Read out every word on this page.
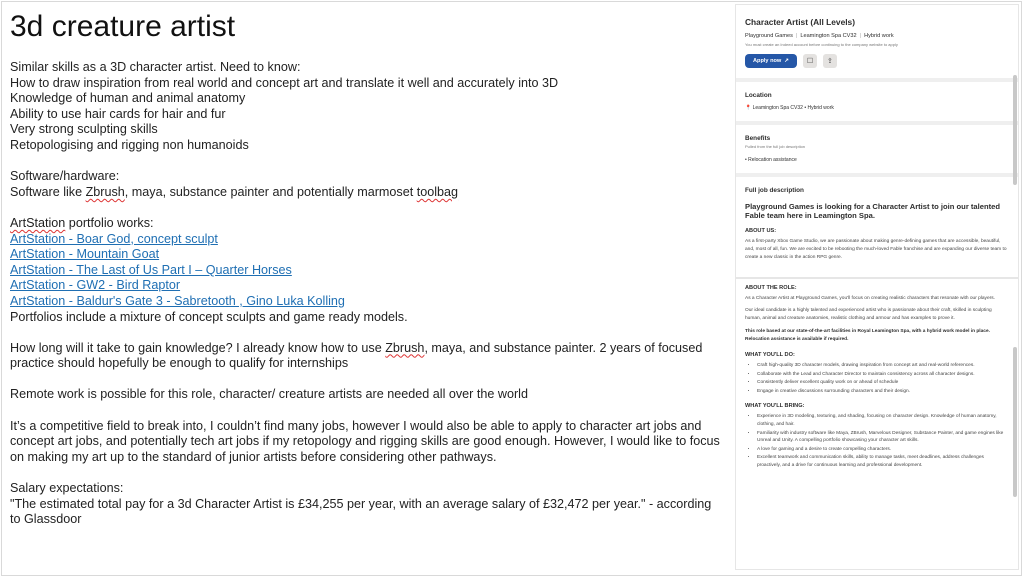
3d creature artist
Similar skills as a 3D character artist. Need to know:
How to draw inspiration from real world and concept art and translate it well and accurately into 3D
Knowledge of human and animal anatomy
Ability to use hair cards for hair and fur
Very strong sculpting skills
Retopologising and rigging non humanoids
Software/hardware:
Software like Zbrush, maya, substance painter and potentially marmoset toolbag
ArtStation portfolio works:
ArtStation - Boar God, concept sculpt
ArtStation - Mountain Goat
ArtStation - The Last of Us Part I – Quarter Horses
ArtStation - GW2 - Bird Raptor
ArtStation - Baldur's Gate 3 - Sabretooth , Gino Luka Kolling
Portfolios include a mixture of concept sculpts and game ready models.
How long will it take to gain knowledge? I already know how to use Zbrush, maya, and substance painter. 2 years of focused practice should hopefully be enough to qualify for internships
Remote work is possible for this role, character/ creature artists are needed all over the world
It’s a competitive field to break into, I couldn’t find many jobs, however I would also be able to apply to character art jobs and concept art jobs, and potentially tech art jobs if my retopology and rigging skills are good enough. However, I would like to focus on making my art up to the standard of junior artists before considering other pathways.
Salary expectations:
"The estimated total pay for a 3d Character Artist is £34,255 per year, with an average salary of £32,472 per year." - according to Glassdoor
Character Artist (All Levels)
Playground Games | Leamington Spa CV32 | Hybrid work
You must create an Indeed account before continuing to the company website to apply
Apply now ↗	☐ ⇪
Location
📍 Leamington Spa CV32 • Hybrid work
Benefits
Pulled from the full job description
• Relocation assistance
Full job description
Playground Games is looking for a Character Artist to join our talented Fable team here in Leamington Spa.
ABOUT US:
As a first-party Xbox Game Studio, we are passionate about making genre-defining games that are accessible, beautiful, and, most of all, fun. We are excited to be rebooting the much-loved Fable franchise and are expanding our diverse team to create a new classic in the action RPG genre.
ABOUT THE ROLE:
As a Character Artist at Playground Games, you'll focus on creating realistic characters that resonate with our players.
Our ideal candidate is a highly talented and experienced artist who is passionate about their craft, skilled in sculpting human, animal and creature anatomies, realistic clothing and armour and has examples to prove it.
This role based at our state-of-the-art facilities in Royal Leamington Spa, with a hybrid work model in place. Relocation assistance is available if required.
WHAT YOU'LL DO:
• Craft high-quality 3D character models, drawing inspiration from concept art and real-world references.
• Collaborate with the Lead and Character Director to maintain consistency across all character designs.
• Consistently deliver excellent quality work on or ahead of schedule
• Engage in creative discussions surrounding characters and their design.
WHAT YOU'LL BRING:
• Experience in 3D modeling, texturing, and shading, focusing on character design. Knowledge of human anatomy, clothing, and hair.
• Familiarity with industry software like Maya, ZBrush, Marvelous Designer, Substance Painter, and game engines like Unreal and Unity. A compelling portfolio showcasing your character art skills.
• A love for gaming and a desire to create compelling characters.
• Excellent teamwork and communication skills, ability to manage tasks, meet deadlines, address challenges proactively, and a drive for continuous learning and professional development.
